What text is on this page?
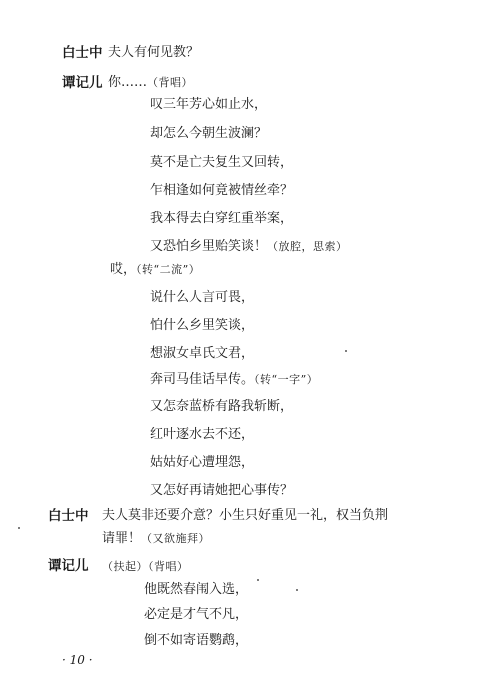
白士中 夫人有何见教？
谭记儿 你……（背唱）
叹三年芳心如止水，
却怎么今朝生波澜？
莫不是亡夫复生又回转，
乍相逢如何竟被情丝牵？
我本得去白穿红重举案，
又恐怕乡里贻笑谈！（放腔，思索）
哎，（转“二流”）
说什么人言可畏，
怕什么乡里笑谈，
想淑女卓氏文君，
奔司马佳话早传。（转“一字”）
又怎奈蓝桥有路我斩断，
红叶逐水去不还，
姑姑好心遭埋怨，
又怎好再请她把心事传？
白士中 夫人莫非还要介意？小生只好重见一礼，权当负荆
请罪！（又欲施拜）
谭记儿 （扶起）（背唱）
他既然春闱入选，
必定是才气不凡，
倒不如寄语鹦鹉，
· 10 ·
